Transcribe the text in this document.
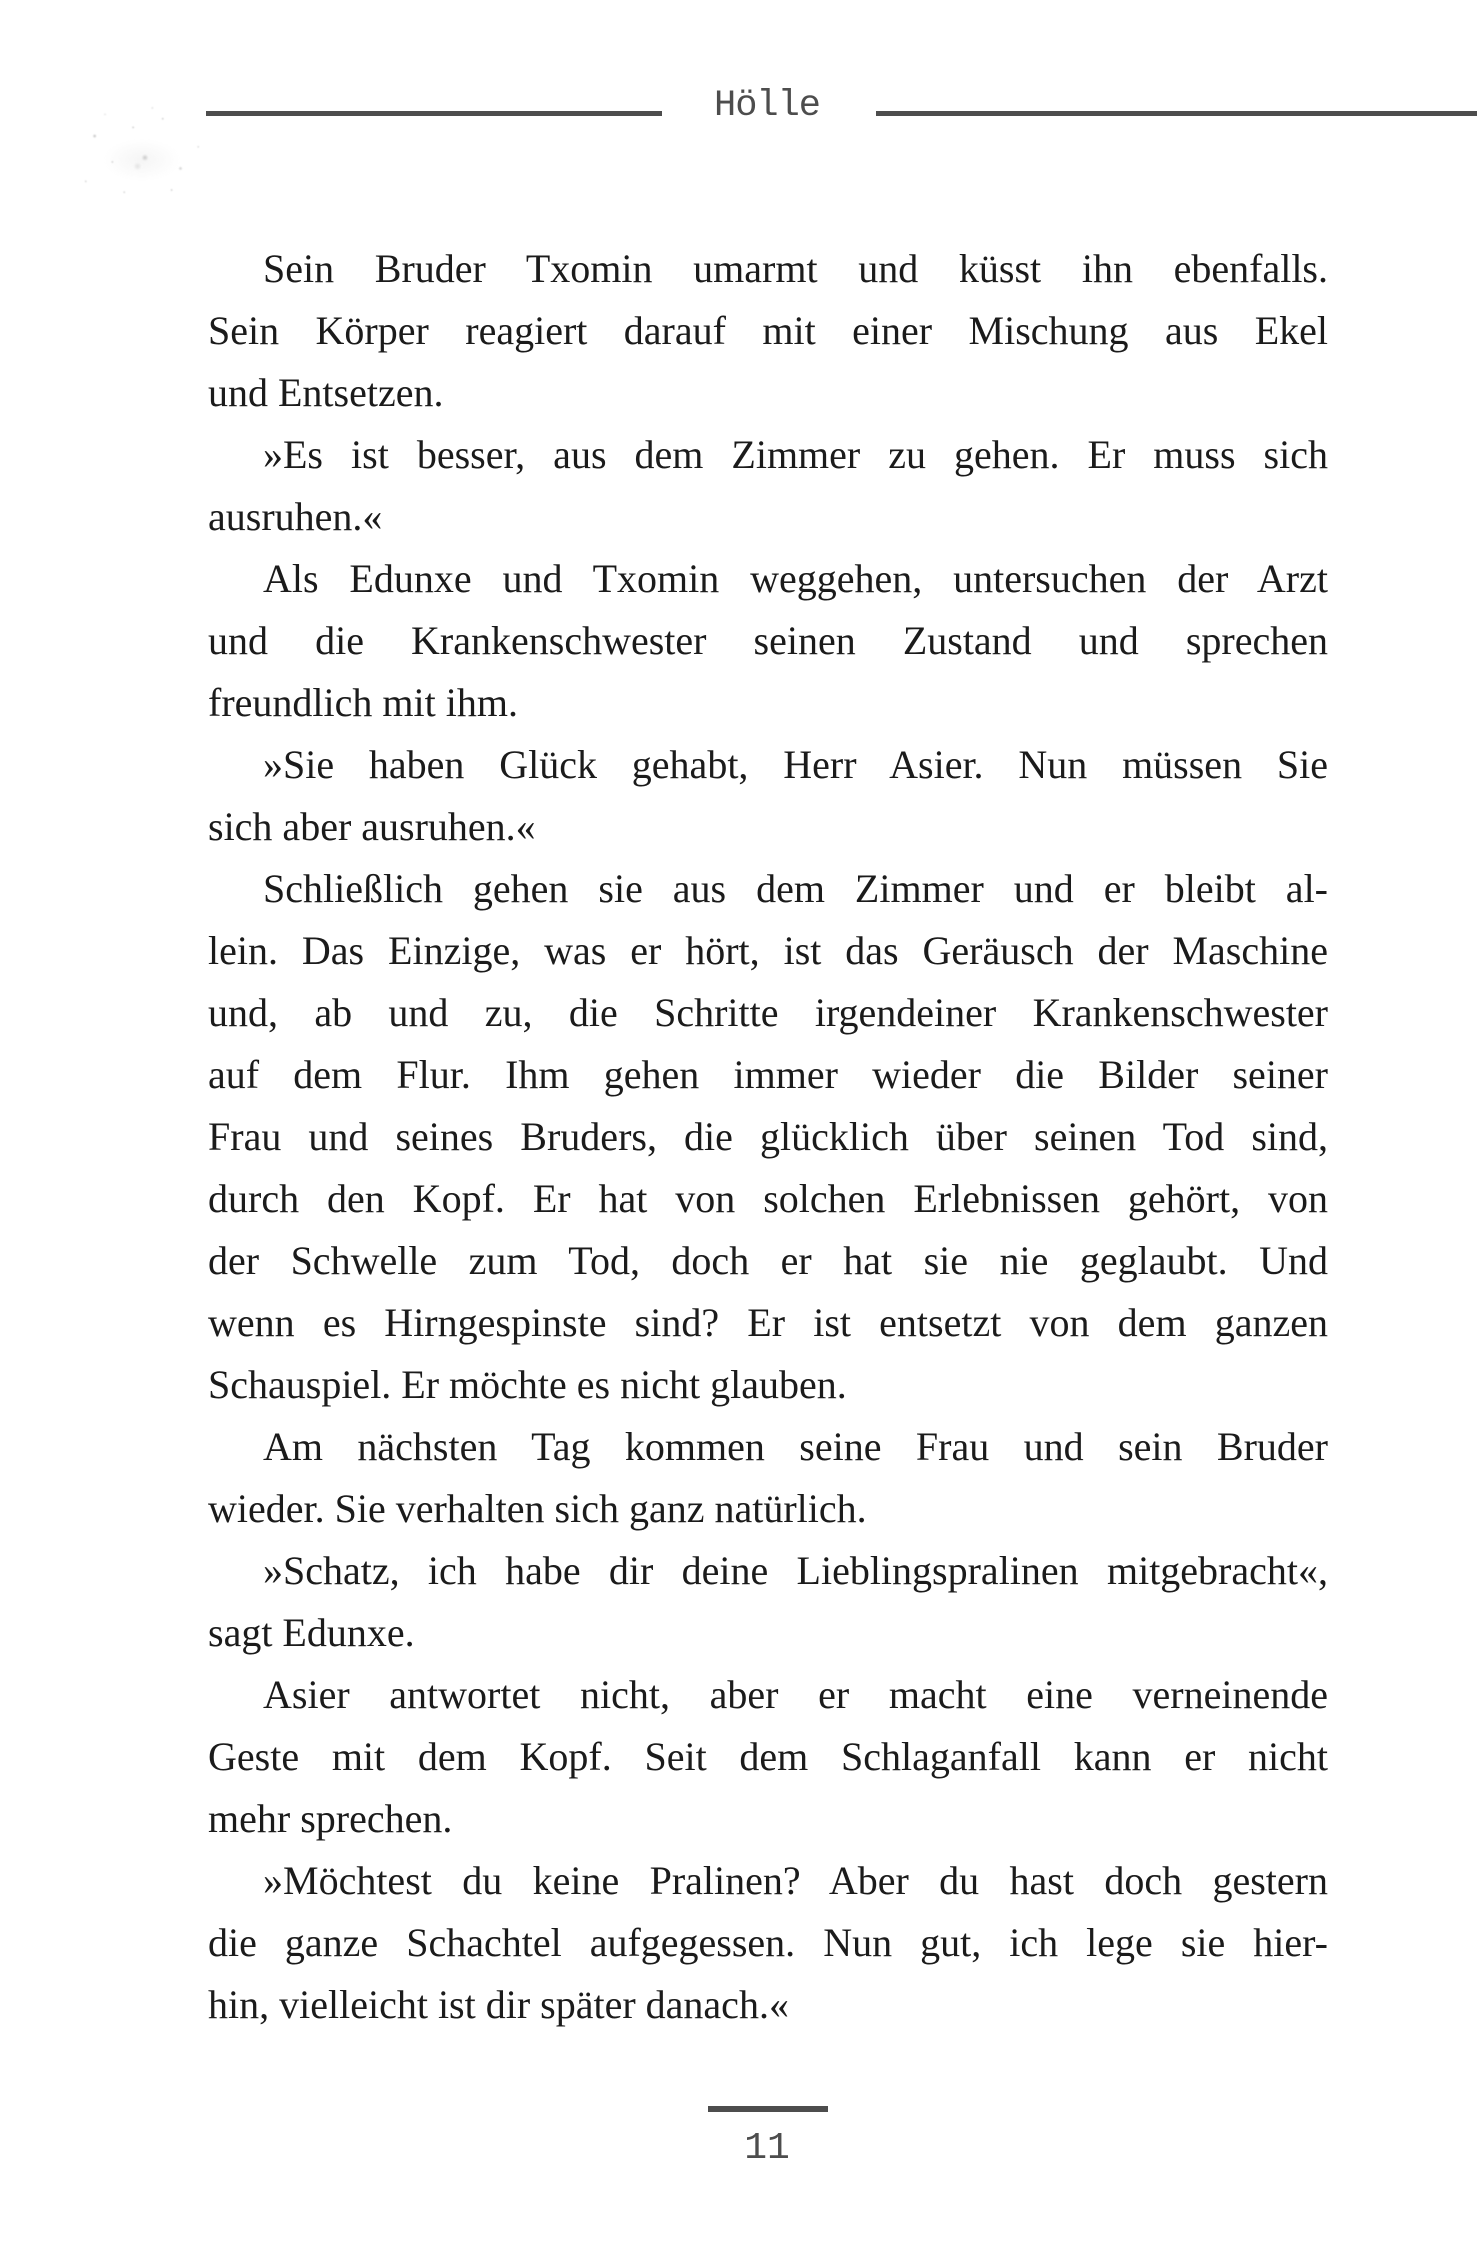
Hölle
Sein Bruder Txomin umarmt und küsst ihn ebenfalls.
Sein Körper reagiert darauf mit einer Mischung aus Ekel
und Entsetzen.
»Es ist besser, aus dem Zimmer zu gehen. Er muss sich
ausruhen.«
Als Edunxe und Txomin weggehen, untersuchen der Arzt
und die Krankenschwester seinen Zustand und sprechen
freundlich mit ihm.
»Sie haben Glück gehabt, Herr Asier. Nun müssen Sie
sich aber ausruhen.«
Schließlich gehen sie aus dem Zimmer und er bleibt al-
lein. Das Einzige, was er hört, ist das Geräusch der Maschine
und, ab und zu, die Schritte irgendeiner Krankenschwester
auf dem Flur. Ihm gehen immer wieder die Bilder seiner
Frau und seines Bruders, die glücklich über seinen Tod sind,
durch den Kopf. Er hat von solchen Erlebnissen gehört, von
der Schwelle zum Tod, doch er hat sie nie geglaubt. Und
wenn es Hirngespinste sind? Er ist entsetzt von dem ganzen
Schauspiel. Er möchte es nicht glauben.
Am nächsten Tag kommen seine Frau und sein Bruder
wieder. Sie verhalten sich ganz natürlich.
»Schatz, ich habe dir deine Lieblingspralinen mitgebracht«,
sagt Edunxe.
Asier antwortet nicht, aber er macht eine verneinende
Geste mit dem Kopf. Seit dem Schlaganfall kann er nicht
mehr sprechen.
»Möchtest du keine Pralinen? Aber du hast doch gestern
die ganze Schachtel aufgegessen. Nun gut, ich lege sie hier-
hin, vielleicht ist dir später danach.«
11
